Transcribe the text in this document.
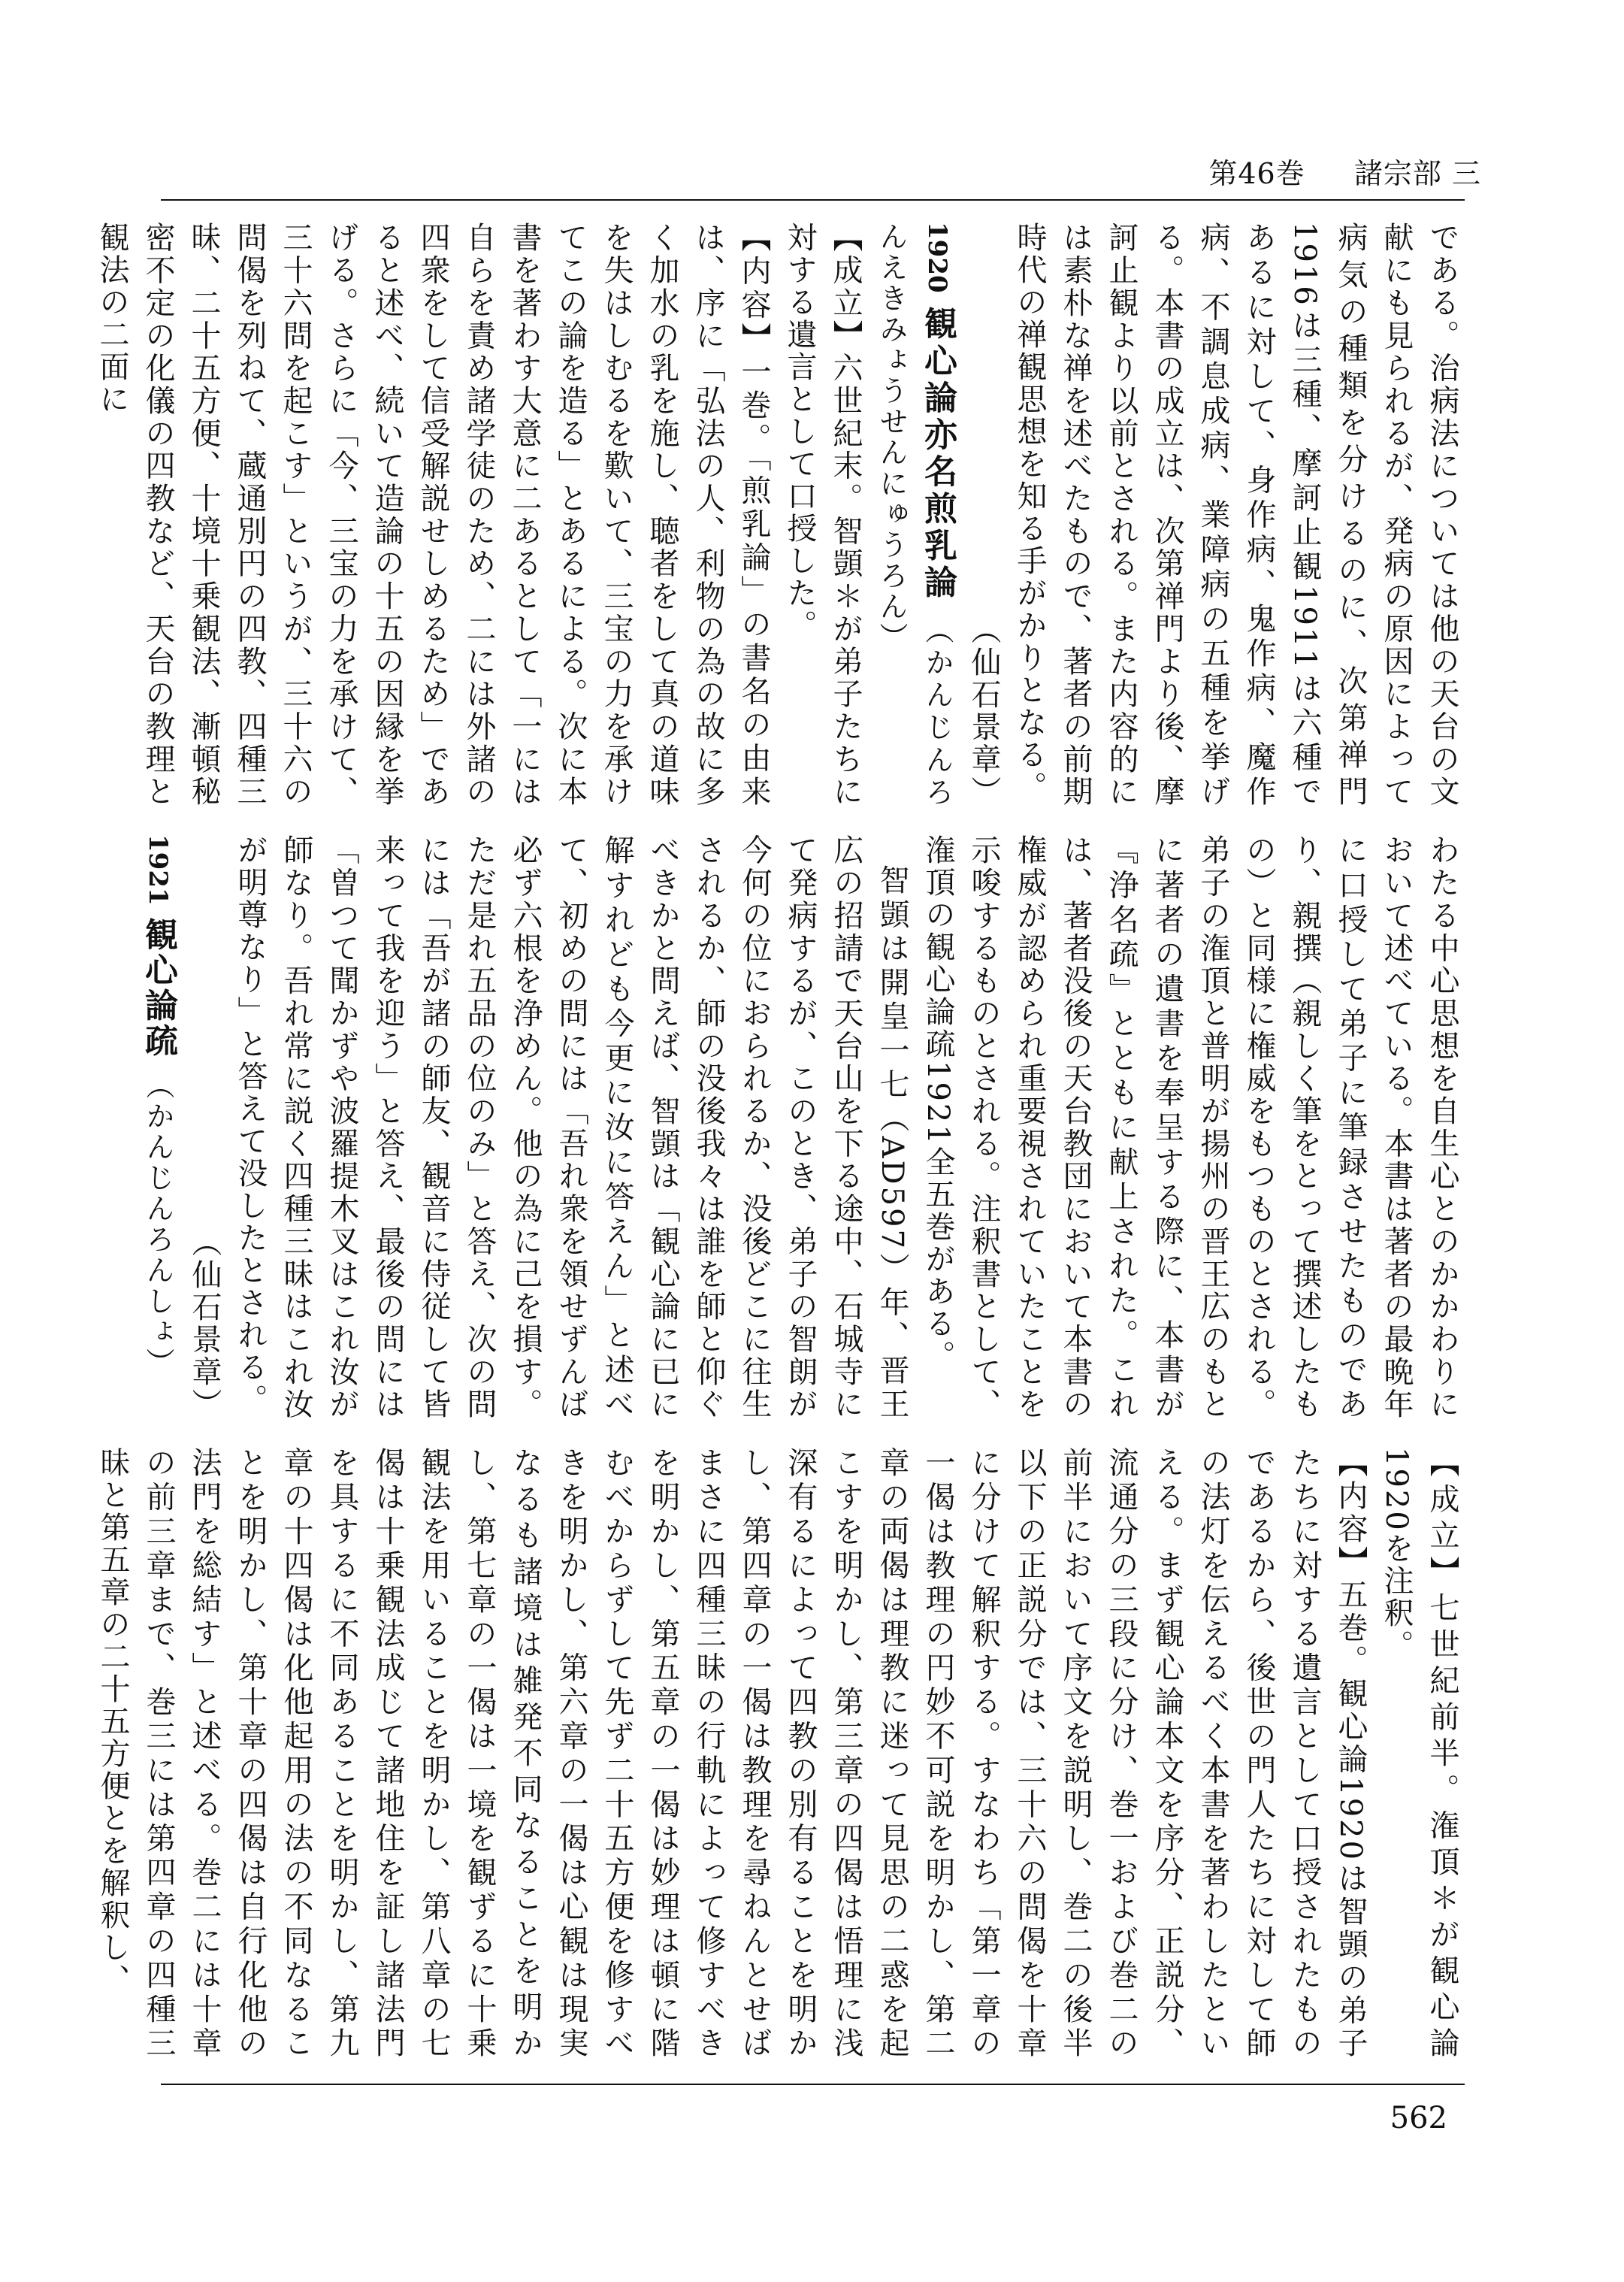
第46巻   諸宗部 三

である。治病法については他の天台の文献にも見られるが、発病の原因によって病気の種類を分けるのに、次第禅門1916は三種、摩訶止観1911は六種であるに対して、身作病、鬼作病、魔作病、不調息成病、業障病の五種を挙げる。本書の成立は、次第禅門より後、摩訶止観より以前とされる。また内容的には素朴な禅を述べたもので、著者の前期時代の禅観思想を知る手がかりとなる。

（仙石景章）

1920 観心論亦名煎乳論 （かんじんろんえきみょうせんにゅうろん）

【成立】六世紀末。智顗＊が弟子たちに対する遺言として口授した。

【内容】一巻。「煎乳論」の書名の由来は、序に「弘法の人、利物の為の故に多く加水の乳を施し、聴者をして真の道味を失はしむるを歎いて、三宝の力を承けてこの論を造る」とあるによる。次に本書を著わす大意に二あるとして「一には自らを責め諸学徒のため、二には外諸の四衆をして信受解説せしめるため」であると述べ、続いて造論の十五の因縁を挙げる。さらに「今、三宝の力を承けて、三十六問を起こす」というが、三十六の問偈を列ねて、蔵通別円の四教、四種三昧、二十五方便、十境十乗観法、漸頓秘密不定の化儀の四教など、天台の教理と観法の二面に

わたる中心思想を自生心とのかかわりにおいて述べている。本書は著者の最晩年に口授して弟子に筆録させたものであり、親撰（親しく筆をとって撰述したもの）と同様に権威をもつものとされる。弟子の潅頂と普明が揚州の晋王広のもとに著者の遺書を奉呈する際に、本書が『浄名疏』とともに献上された。これは、著者没後の天台教団において本書の権威が認められ重要視されていたことを示唆するものとされる。注釈書として、潅頂の観心論疏1921全五巻がある。

智顗は開皇一七（AD597）年、晋王広の招請で天台山を下る途中、石城寺にて発病するが、このとき、弟子の智朗が今何の位におられるか、没後どこに往生されるか、師の没後我々は誰を師と仰ぐべきかと問えば、智顗は「観心論に已に解すれども今更に汝に答えん」と述べて、初めの問には「吾れ衆を領せずんば必ず六根を浄めん。他の為に己を損す。ただ是れ五品の位のみ」と答え、次の問には「吾が諸の師友、観音に侍従して皆来って我を迎う」と答え、最後の問には「曽つて聞かずや波羅提木叉はこれ汝が師なり。吾れ常に説く四種三昧はこれ汝が明尊なり」と答えて没したとされる。

（仙石景章）

1921 観心論疏 （かんじんろんしょ）

【成立】七世紀前半。潅頂＊が観心論1920を注釈。

【内容】五巻。観心論1920は智顗の弟子たちに対する遺言として口授されたものであるから、後世の門人たちに対して師の法灯を伝えるべく本書を著わしたといえる。まず観心論本文を序分、正説分、流通分の三段に分け、巻一および巻二の前半において序文を説明し、巻二の後半以下の正説分では、三十六の問偈を十章に分けて解釈する。すなわち「第一章の一偈は教理の円妙不可説を明かし、第二章の両偈は理教に迷って見思の二惑を起こすを明かし、第三章の四偈は悟理に浅深有るによって四教の別有ることを明かし、第四章の一偈は教理を尋ねんとせばまさに四種三昧の行軌によって修すべきを明かし、第五章の一偈は妙理は頓に階むべからずして先ず二十五方便を修すべきを明かし、第六章の一偈は心観は現実なるも諸境は雑発不同なることを明かし、第七章の一偈は一境を観ずるに十乗観法を用いることを明かし、第八章の七偈は十乗観法成じて諸地住を証し諸法門を具するに不同あることを明かし、第九章の十四偈は化他起用の法の不同なることを明かし、第十章の四偈は自行化他の法門を総結す」と述べる。巻二には十章の前三章まで、巻三には第四章の四種三昧と第五章の二十五方便とを解釈し、

562
